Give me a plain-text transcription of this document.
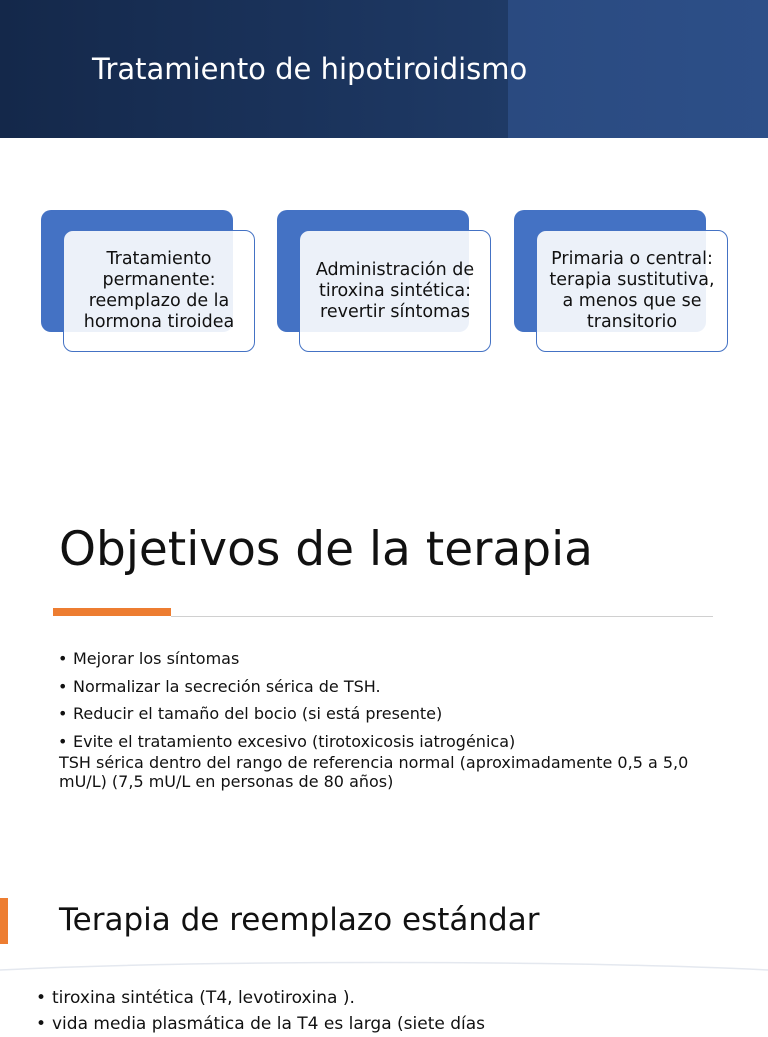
Tratamiento de hipotiroidismo
Tratamiento
permanente:
reemplazo de la
hormona tiroidea
Administración de
tiroxina sintética:
revertir síntomas
Primaria o central:
terapia sustitutiva,
a menos que se
transitorio
Objetivos de la terapia
• Mejorar los síntomas
• Normalizar la secreción sérica de TSH.
• Reducir el tamaño del bocio (si está presente)
• Evite el tratamiento excesivo (tirotoxicosis iatrogénica)
TSH sérica dentro del rango de referencia normal (aproximadamente 0,5 a 5,0 mU/L) (7,5 mU/L en personas de 80 años)
Terapia de reemplazo estándar
• tiroxina sintética (T4, levotiroxina ).
• vida media plasmática de la T4 es larga (siete días
